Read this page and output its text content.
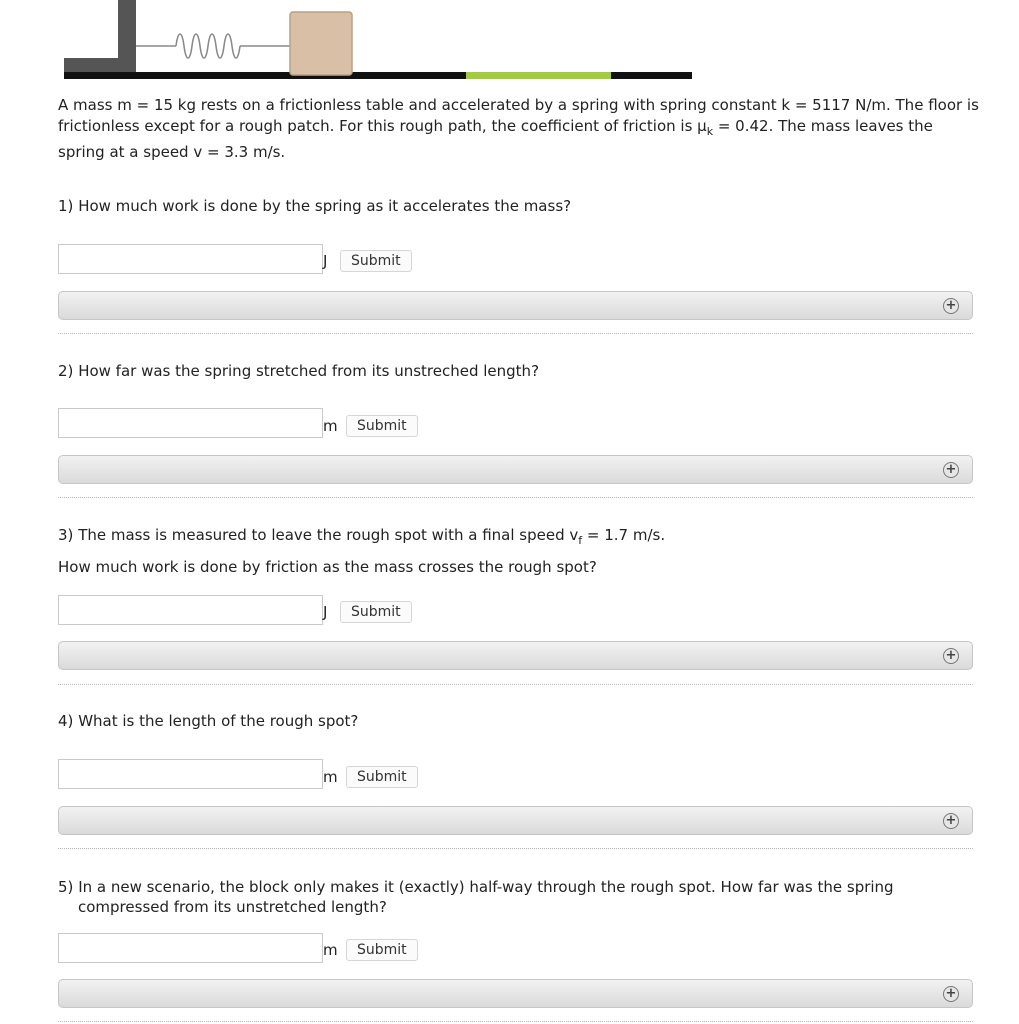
A mass m = 15 kg rests on a frictionless table and accelerated by a spring with spring constant k = 5117 N/m. The floor is frictionless except for a rough patch. For this rough path, the coefficient of friction is $\mu_k = 0.42$. The mass leaves the spring at a speed v = 3.3 m/s.
1) How much work is done by the spring as it accelerates the mass?
J	Submit
+
2) How far was the spring stretched from its unstreched length?
m	Submit
+
3) The mass is measured to leave the rough spot with a final speed $v_f = 1.7$ m/s.
How much work is done by friction as the mass crosses the rough spot?
J	Submit
+
4) What is the length of the rough spot?
m	Submit
+
5) In a new scenario, the block only makes it (exactly) half-way through the rough spot. How far was the spring compressed from its unstretched length?
m	Submit
+
